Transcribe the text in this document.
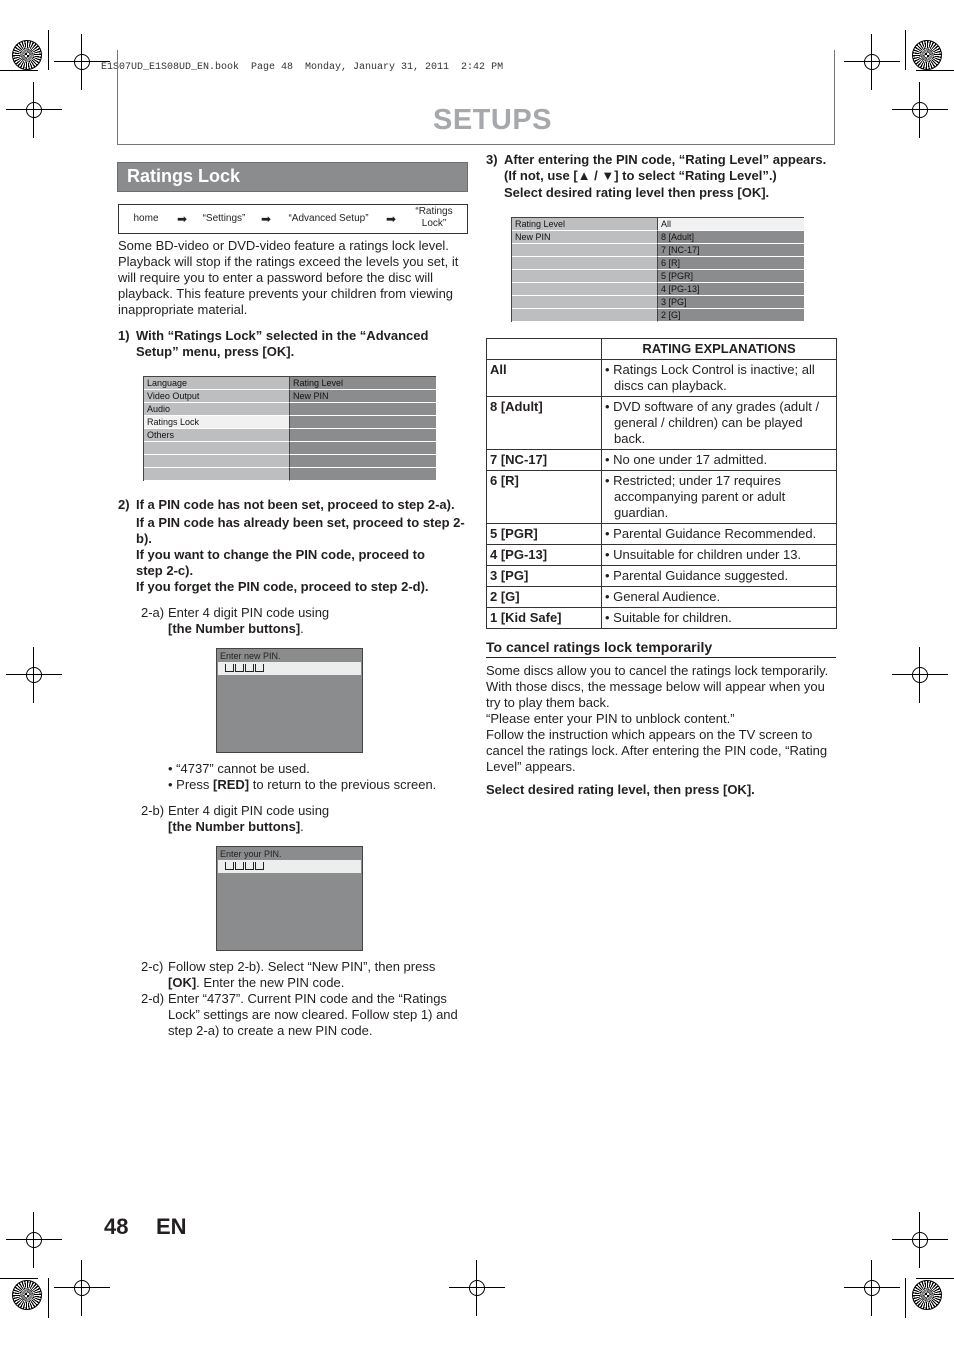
E1S07UD_E1S08UD_EN.book  Page 48  Monday, January 31, 2011  2:42 PM
SETUPS
Ratings Lock
home	➡	“Settings”	➡	“Advanced Setup”	➡
“Ratings Lock”
Some BD-video or DVD-video feature a ratings lock level. Playback will stop if the ratings exceed the levels you set, it will require you to enter a password before the disc will playback. This feature prevents your children from viewing inappropriate material.
1) With “Ratings Lock” selected in the “Advanced Setup” menu, press [OK].
Language	Rating Level
Video Output	New PIN
Audio
Ratings Lock
Others
2) If a PIN code has not been set, proceed to step 2-a).
If a PIN code has already been set, proceed to step 2-b).
If you want to change the PIN code, proceed to step 2-c).
If you forget the PIN code, proceed to step 2-d).
2-a) Enter 4 digit PIN code using
[the Number buttons].
Enter new PIN.
• “4737” cannot be used.
• Press [RED] to return to the previous screen.
2-b) Enter 4 digit PIN code using
[the Number buttons].
Enter your PIN.
2-c) Follow step 2-b). Select “New PIN”, then press
[OK]. Enter the new PIN code.
2-d) Enter “4737”. Current PIN code and the “Ratings Lock” settings are now cleared. Follow step 1) and step 2-a) to create a new PIN code.
3) After entering the PIN code, “Rating Level” appears.
(If not, use [▲ / ▼] to select “Rating Level”.)
Select desired rating level then press [OK].
Rating Level	All
New PIN	8 [Adult]
7 [NC-17]
6 [R]
5 [PGR]
4 [PG-13]
3 [PG]
2 [G]
	RATING EXPLANATIONS
All	• Ratings Lock Control is inactive; all discs can playback.
8 [Adult]	• DVD software of any grades (adult / general / children) can be played back.
7 [NC-17]	• No one under 17 admitted.
6 [R]	• Restricted; under 17 requires accompanying parent or adult guardian.
5 [PGR]	• Parental Guidance Recommended.
4 [PG-13]	• Unsuitable for children under 13.
3 [PG]	• Parental Guidance suggested.
2 [G]	• General Audience.
1 [Kid Safe]	• Suitable for children.
To cancel ratings lock temporarily
Some discs allow you to cancel the ratings lock temporarily. With those discs, the message below will appear when you try to play them back.
“Please enter your PIN to unblock content.”
Follow the instruction which appears on the TV screen to cancel the ratings lock. After entering the PIN code, “Rating Level” appears.
Select desired rating level, then press [OK].
48 EN
